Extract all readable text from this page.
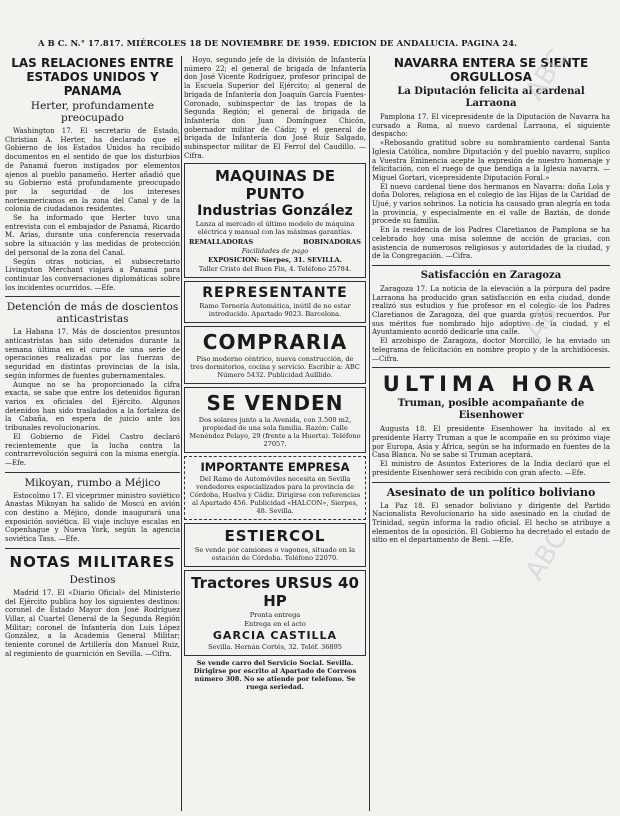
A B C. N.° 17.817. MIÉRCOLES 18 DE NOVIEMBRE DE 1959. EDICION DE ANDALUCIA. PAGINA 24.
LAS RELACIONES ENTRE ESTADOS UNIDOS Y PANAMA
Herter, profundamente preocupado

Washington 17. El secretario de Estado, Christian A. Herter, ha declarado que el Gobierno de los Estados Unidos ha recibido documentos en el sentido de que los disturbios de Panamá fueron instigados por elementos ajenos al pueblo panameño. Herter añadió que su Gobierno está profundamente preocupado por la seguridad de los intereses norteamericanos en la zona del Canal y de la colonia de ciudadanos residentes.

Se ha informado que Herter tuvo una entrevista con el embajador de Panamá, Ricardo M. Arias, durante una conferencia reservada sobre la situación y las medidas de protección del personal de la zona del Canal.

Según otras noticias, el subsecretario Livingston Merchant viajará a Panamá para continuar las conversaciones diplomáticas sobre los incidentes ocurridos. —Efe.

Detención de más de doscientos anticastristas

La Habana 17. Más de doscientos presuntos anticastristas han sido detenidos durante la semana última en el curso de una serie de operaciones realizadas por las fuerzas de seguridad en distintas provincias de la isla, según informes de fuentes gubernamentales.

Aunque no se ha proporcionado la cifra exacta, se sabe que entre los detenidos figuran varios ex oficiales del Ejército. Algunos detenidos han sido trasladados a la fortaleza de la Cabaña, en espera de juicio ante los tribunales revolucionarios.

El Gobierno de Fidel Castro declaró recientemente que la lucha contra la contrarrevolución seguirá con la misma energía. —Efe.

Mikoyan, rumbo a Méjico

Estocolmo 17. El viceprimer ministro soviético Anastas Mikoyan ha salido de Moscú en avión con destino a Méjico, donde inaugurará una exposición soviética. El viaje incluye escalas en Copenhague y Nueva York, según la agencia soviética Tass. —Efe.

NOTAS MILITARES
Destinos

Madrid 17. El «Diario Oficial» del Ministerio del Ejército publica hoy los siguientes destinos: coronel de Estado Mayor don José Rodríguez Villar, al Cuartel General de la Segunda Región Militar; coronel de Infantería don Luis López González, a la Academia General Militar; teniente coronel de Artillería don Manuel Ruiz, al regimiento de guarnición en Sevilla. —Cifra.

Hoyo, segundo jefe de la división de Infantería número 22; el general de brigada de Infantería don José Vicente Rodríguez, profesor principal de la Escuela Superior del Ejército; al general de brigada de Infantería don Joaquín García Fuentes-Coronado, subinspector de las tropas de la Segunda Región; el general de brigada de Infantería don Juan Domínguez Chicón, gobernador militar de Cádiz; y el general de brigada de Infantería don José Ruiz Salgado, subinspector militar de El Ferrol del Caudillo. —Cifra.

MAQUINAS DE PUNTO
Industrias González
Lanza al mercado el último modelo de máquina eléctrica y manual con las máximas garantías.
REMALLADORAS	BOBINADORAS
Facilidades de pago
EXPOSICION: Sierpes, 31. SEVILLA.
Taller Cristo del Buen Fin, 4. Teléfono 25784.
REPRESENTANTE
Ramo Tornería Automática, inútil de no estar introducido. Apartado 9023. Barcelona.
COMPRARIA
Piso moderno céntrico, nueva construcción, de tres dormitorios, cocina y servicio. Escribir a: ABC Número 5432. Publicidad Aulllido.
SE VENDEN
Dos solares junto a la Avenida, con 3.500 m2, propiedad de una sola familia. Razón: Calle Menéndez Pelayo, 29 (frente a la Huerta). Teléfono 27057.
IMPORTANTE EMPRESA
Del Ramo de Automóviles necesita en Sevilla vendedores especializados para la provincia de Córdoba, Huelva y Cádiz. Dirigirse con referencias al Apartado 456. Publicidad «HALCON», Sierpes, 48. Sevilla.
ESTIERCOL
Se vende por camiones o vagones, situado en la estación de Córdoba. Teléfono 22070.
Tractores URSUS 40 HP
Pronta entrega
Entrega en el acto
GARCIA CASTILLA
Sevilla. Hernán Cortés, 32. Teléf. 36895
Se vende carro del Servicio Social. Sevilla. Dirigirse por escrito al Apartado de Correos número 308. No se atiende por teléfono. Se ruega seriedad.
NAVARRA ENTERA SE SIENTE ORGULLOSA
La Diputación felicita al cardenal Larraona

Pamplona 17. El vicepresidente de la Diputación de Navarra ha cursado a Roma, al nuevo cardenal Larraona, el siguiente despacho:

«Rebosando gratitud sobre su nombramiento cardenal Santa Iglesia Católica, nombre Diputación y del pueblo navarro, suplico a Vuestra Eminencia acepte la expresión de nuestro homenaje y felicitación, con el ruego de que bendiga a la Iglesia navarra. —Miguel Gortari, vicepresidente Diputación Foral.»

El nuevo cardenal tiene dos hermanos en Navarra: doña Lola y doña Dolores, religiosa en el colegio de las Hijas de la Caridad de Ujué, y varios sobrinos. La noticia ha causado gran alegría en toda la provincia, y especialmente en el valle de Baztán, de donde procede su familia.

En la residencia de los Padres Claretianos de Pamplona se ha celebrado hoy una misa solemne de acción de gracias, con asistencia de numerosos religiosos y autoridades de la ciudad, y de la Congregación. —Cifra.

Satisfacción en Zaragoza

Zaragoza 17. La noticia de la elevación a la púrpura del padre Larraona ha producido gran satisfacción en esta ciudad, donde realizó sus estudios y fue profesor en el colegio de los Padres Claretianos de Zaragoza, del que guarda gratos recuerdos. Por sus méritos fue nombrado hijo adoptivo de la ciudad, y el Ayuntamiento acordó dedicarle una calle.

El arzobispo de Zaragoza, doctor Morcillo, le ha enviado un telegrama de felicitación en nombre propio y de la archidiócesis. —Cifra.

ULTIMA HORA
Truman, posible acompañante de Eisenhower

Augusta 18. El presidente Eisenhower ha invitado al ex presidente Harry Truman a que le acompañe en su próximo viaje por Europa, Asia y África, según se ha informado en fuentes de la Casa Blanca. No se sabe si Truman aceptará.

El ministro de Asuntos Exteriores de la India declaró que el presidente Eisenhower será recibido con gran afecto. —Efe.

Asesinato de un político boliviano

La Paz 18. El senador boliviano y dirigente del Partido Nacionalista Revolucionario ha sido asesinado en la ciudad de Trinidad, según informa la radio oficial. El hecho se atribuye a elementos de la oposición. El Gobierno ha decretado el estado de sitio en el departamento de Beni. —Efe.

ABC
ABC
ABC
